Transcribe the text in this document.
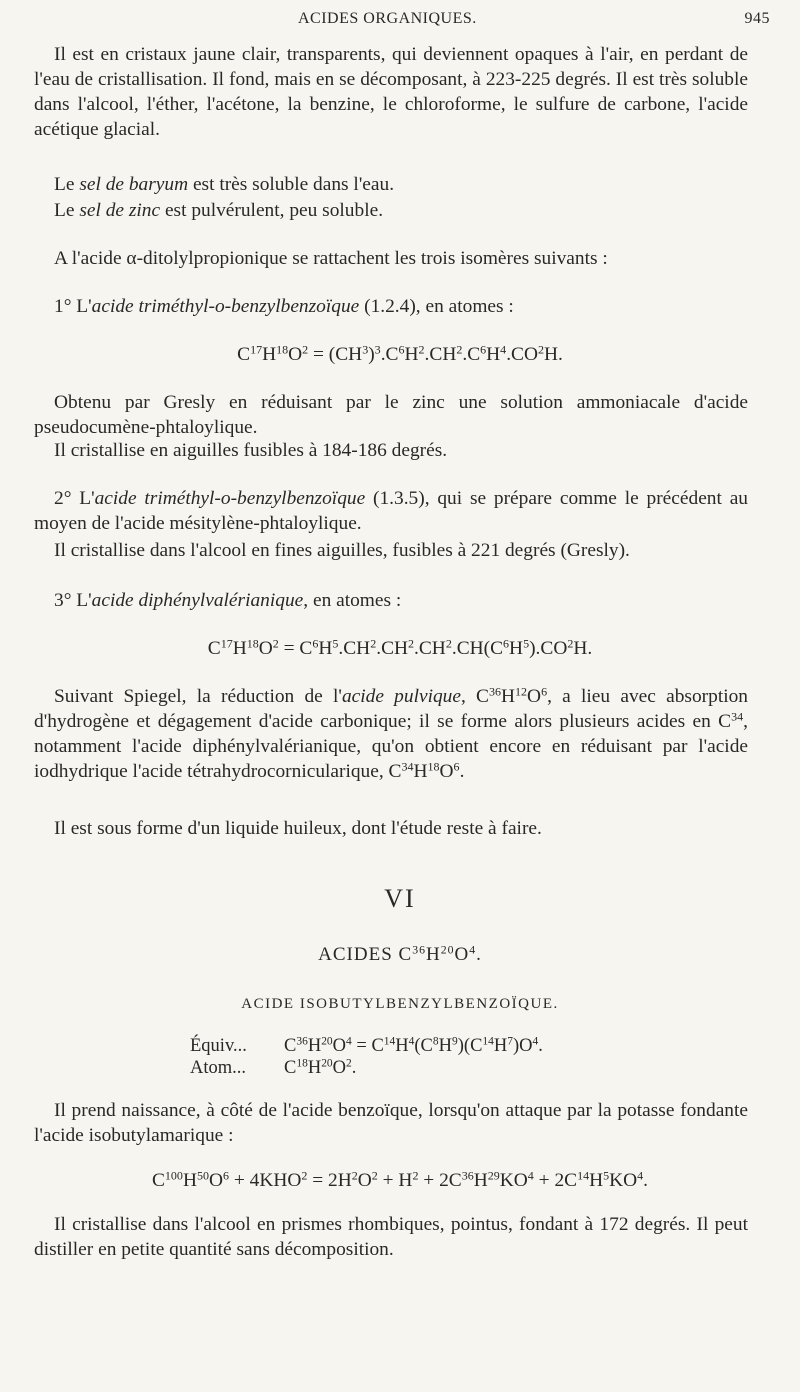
ACIDES ORGANIQUES.	945
Il est en cristaux jaune clair, transparents, qui deviennent opaques à l'air, en perdant de l'eau de cristallisation. Il fond, mais en se décomposant, à 223-225 degrés. Il est très soluble dans l'alcool, l'éther, l'acétone, la benzine, le chloroforme, le sulfure de carbone, l'acide acétique glacial.
Le sel de baryum est très soluble dans l'eau.
Le sel de zinc est pulvérulent, peu soluble.
A l'acide α-ditolylpropionique se rattachent les trois isomères suivants :
1° L'acide triméthyl-o-benzylbenzoïque (1.2.4), en atomes :
$C^{17}H^{18}O^2 = (CH^3)^3.C^6H^2.CH^2.C^6H^4.CO^2H$.
Obtenu par Gresly en réduisant par le zinc une solution ammoniacale d'acide pseudocumène-phtaloylique.
Il cristallise en aiguilles fusibles à 184-186 degrés.
2° L'acide triméthyl-o-benzylbenzoïque (1.3.5), qui se prépare comme le précédent au moyen de l'acide mésitylène-phtaloylique.
Il cristallise dans l'alcool en fines aiguilles, fusibles à 221 degrés (Gresly).
3° L'acide diphénylvalérianique, en atomes :
$C^{17}H^{18}O^2 = C^6H^5.CH^2.CH^2.CH^2.CH(C^6H^5).CO^2H$.
Suivant Spiegel, la réduction de l'acide pulvique, $C^{36}H^{12}O^6$, a lieu avec absorption d'hydrogène et dégagement d'acide carbonique; il se forme alors plusieurs acides en $C^{34}$, notamment l'acide diphénylvalérianique, qu'on obtient encore en réduisant par l'acide iodhydrique l'acide tétrahydrocornicularique, $C^{34}H^{18}O^6$.
Il est sous forme d'un liquide huileux, dont l'étude reste à faire.
VI
ACIDES $C^{36}H^{20}O^4$.
ACIDE ISOBUTYLBENZYLBENZOÏQUE.
Équiv... $C^{36}H^{20}O^4 = C^{14}H^4(C^8H^9)(C^{14}H^7)O^4$.
Atom... $C^{18}H^{20}O^2$.
Il prend naissance, à côté de l'acide benzoïque, lorsqu'on attaque par la potasse fondante l'acide isobutylamarique :
$C^{100}H^{50}O^6 + 4KHO^2 = 2H^2O^2 + H^2 + 2C^{36}H^{29}KO^4 + 2C^{14}H^5KO^4$.
Il cristallise dans l'alcool en prismes rhombiques, pointus, fondant à 172 degrés. Il peut distiller en petite quantité sans décomposition.
